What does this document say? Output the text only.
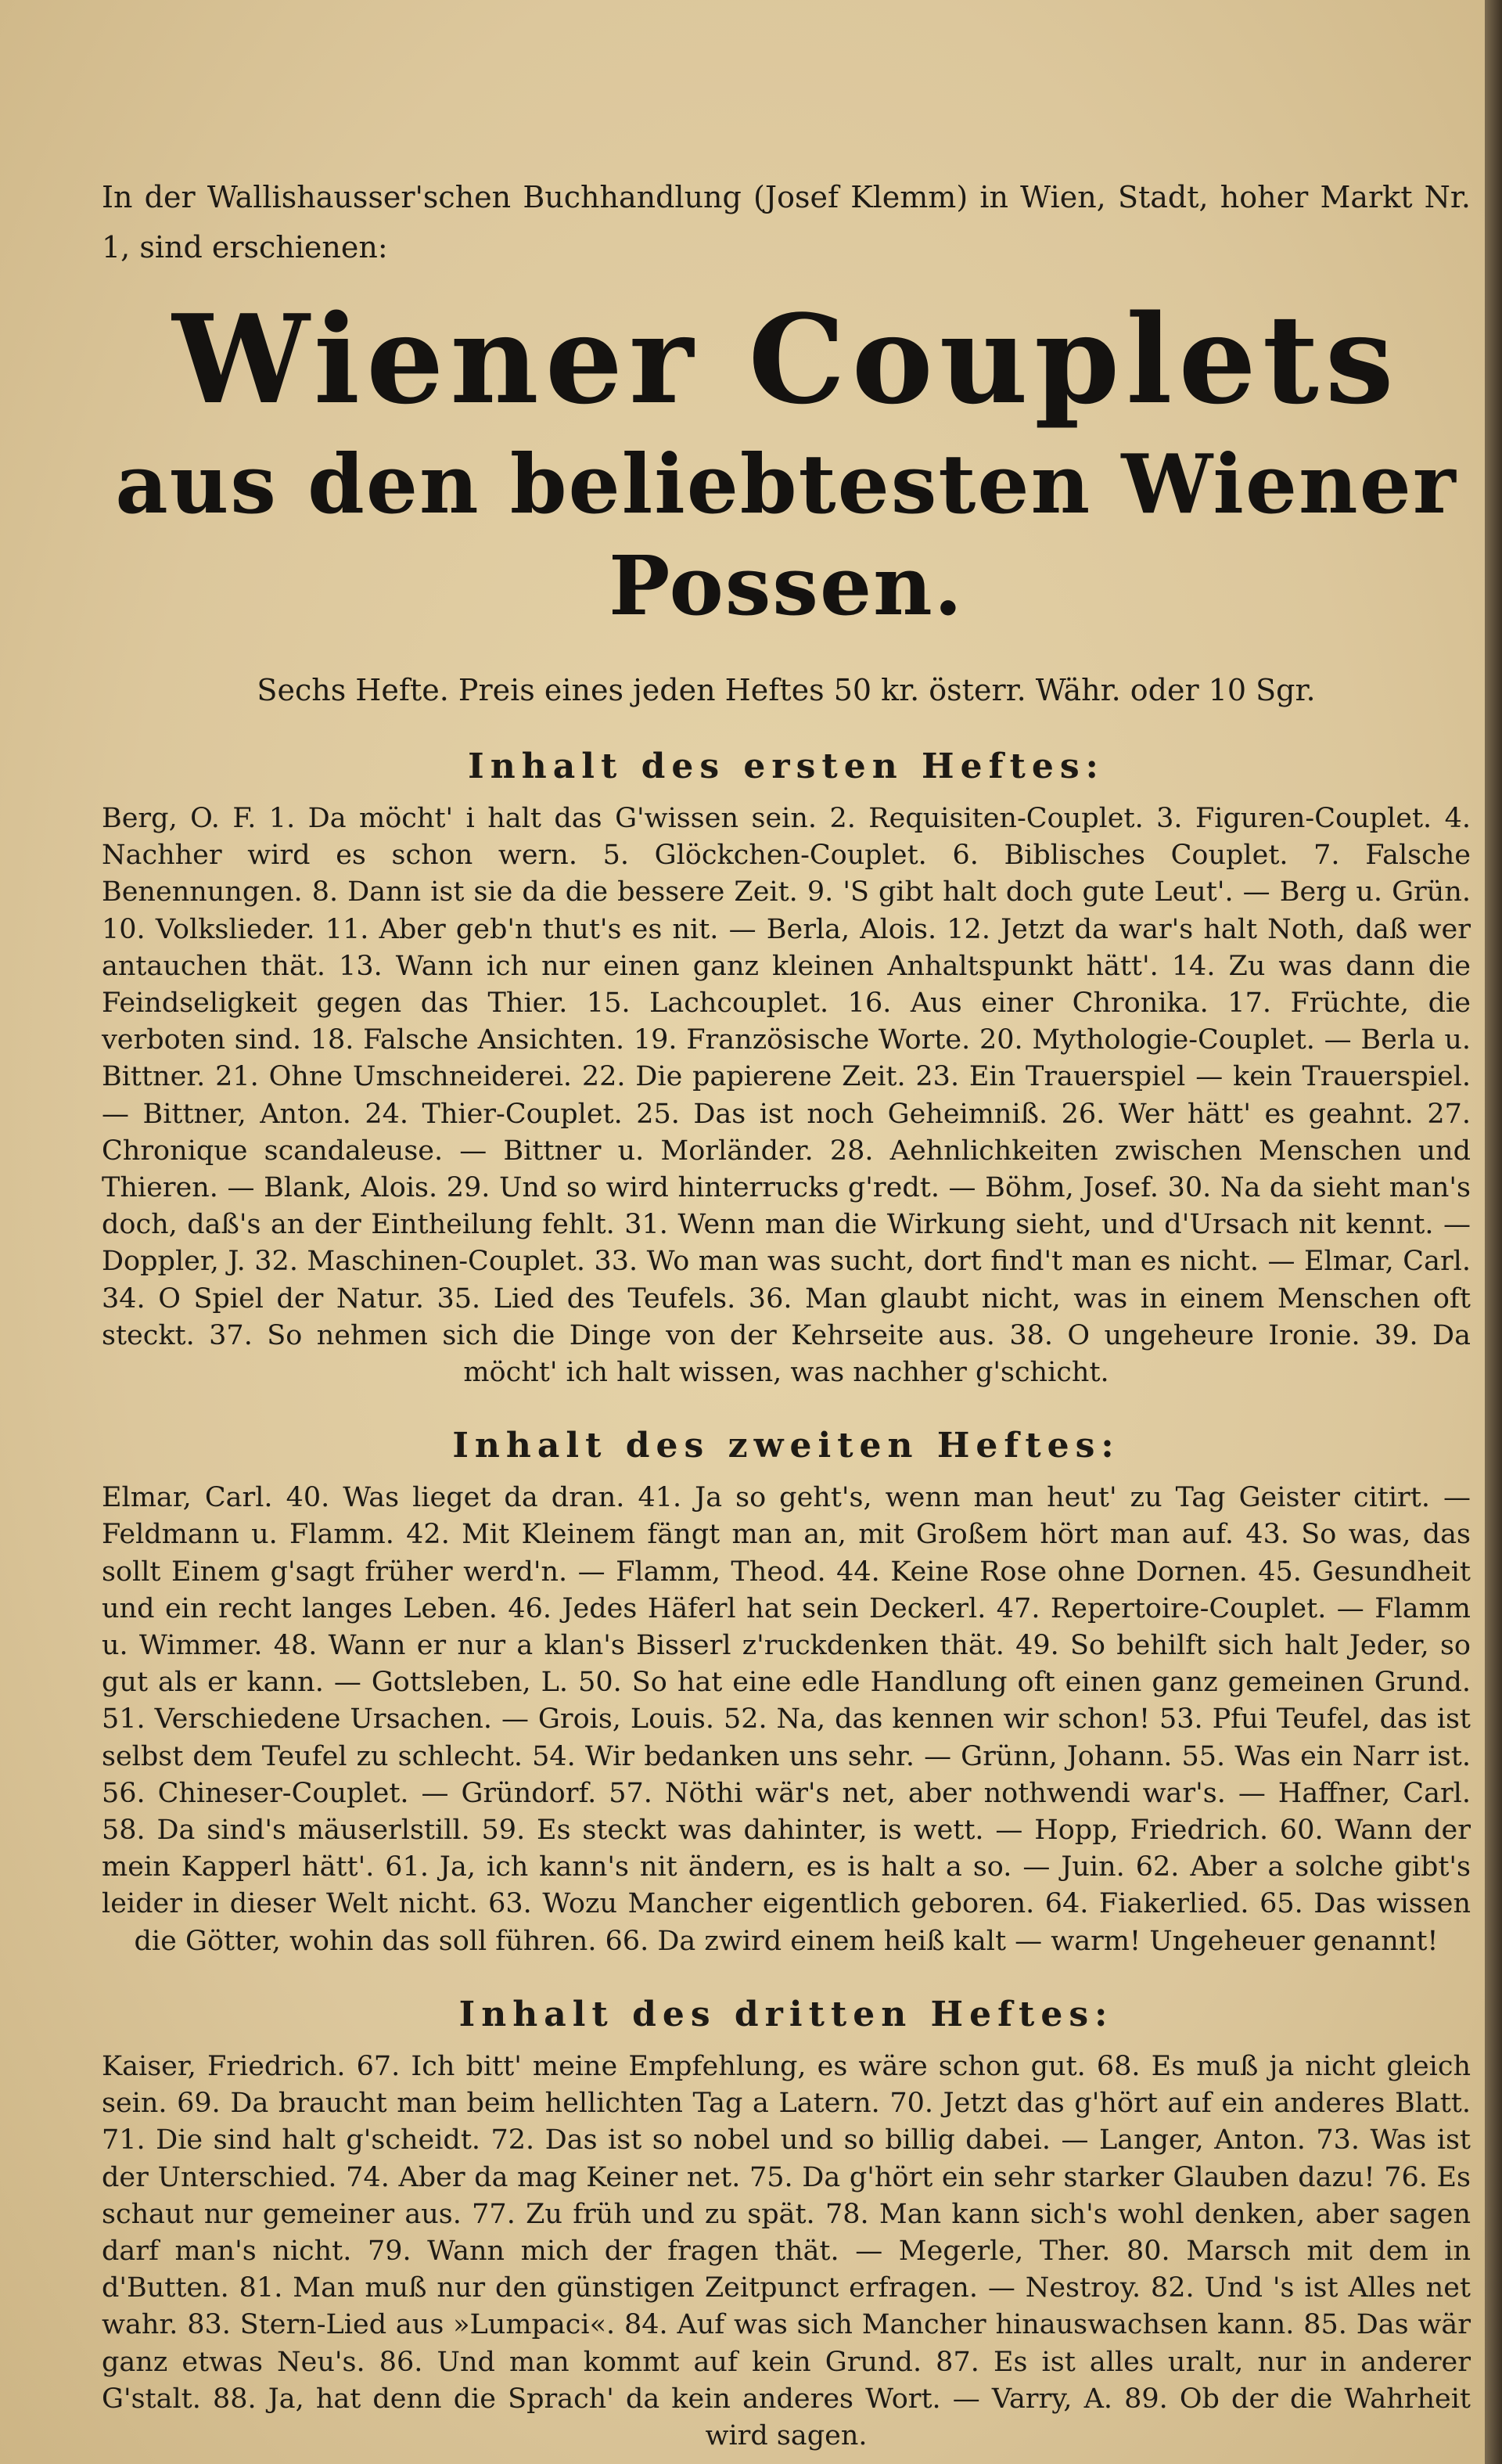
In der Wallishausser'schen Buchhandlung (Josef Klemm) in Wien, Stadt, hoher Markt Nr. 1, sind erschienen:

Wiener Couplets
aus den beliebtesten Wiener Possen.

Sechs Hefte. Preis eines jeden Heftes 50 kr. österr. Währ. oder 10 Sgr.

Inhalt des ersten Heftes:

Berg, O. F. 1. Da möcht' i halt das G'wissen sein. 2. Requisiten-Couplet. 3. Figuren-Couplet. 4. Nachher wird es schon wern. 5. Glöckchen-Couplet. 6. Biblisches Couplet. 7. Falsche Benennungen. 8. Dann ist sie da die bessere Zeit. 9. 'S gibt halt doch gute Leut'. — Berg u. Grün. 10. Volkslieder. 11. Aber geb'n thut's es nit. — Berla, Alois. 12. Jetzt da war's halt Noth, daß wer antauchen thät. 13. Wann ich nur einen ganz kleinen Anhaltspunkt hätt'. 14. Zu was dann die Feindseligkeit gegen das Thier. 15. Lachcouplet. 16. Aus einer Chronika. 17. Früchte, die verboten sind. 18. Falsche Ansichten. 19. Französische Worte. 20. Mythologie-Couplet. — Berla u. Bittner. 21. Ohne Umschneiderei. 22. Die papierene Zeit. 23. Ein Trauerspiel — kein Trauerspiel. — Bittner, Anton. 24. Thier-Couplet. 25. Das ist noch Geheimniß. 26. Wer hätt' es geahnt. 27. Chronique scandaleuse. — Bittner u. Morländer. 28. Aehnlichkeiten zwischen Menschen und Thieren. — Blank, Alois. 29. Und so wird hinterrucks g'redt. — Böhm, Josef. 30. Na da sieht man's doch, daß's an der Eintheilung fehlt. 31. Wenn man die Wirkung sieht, und d'Ursach nit kennt. — Doppler, J. 32. Maschinen-Couplet. 33. Wo man was sucht, dort find't man es nicht. — Elmar, Carl. 34. O Spiel der Natur. 35. Lied des Teufels. 36. Man glaubt nicht, was in einem Menschen oft steckt. 37. So nehmen sich die Dinge von der Kehrseite aus. 38. O ungeheure Ironie. 39. Da möcht' ich halt wissen, was nachher g'schicht.

Inhalt des zweiten Heftes:

Elmar, Carl. 40. Was lieget da dran. 41. Ja so geht's, wenn man heut' zu Tag Geister citirt. — Feldmann u. Flamm. 42. Mit Kleinem fängt man an, mit Großem hört man auf. 43. So was, das sollt Einem g'sagt früher werd'n. — Flamm, Theod. 44. Keine Rose ohne Dornen. 45. Gesundheit und ein recht langes Leben. 46. Jedes Häferl hat sein Deckerl. 47. Repertoire-Couplet. — Flamm u. Wimmer. 48. Wann er nur a klan's Bisserl z'ruckdenken thät. 49. So behilft sich halt Jeder, so gut als er kann. — Gottsleben, L. 50. So hat eine edle Handlung oft einen ganz gemeinen Grund. 51. Verschiedene Ursachen. — Grois, Louis. 52. Na, das kennen wir schon! 53. Pfui Teufel, das ist selbst dem Teufel zu schlecht. 54. Wir bedanken uns sehr. — Grünn, Johann. 55. Was ein Narr ist. 56. Chineser-Couplet. — Gründorf. 57. Nöthi wär's net, aber nothwendi war's. — Haffner, Carl. 58. Da sind's mäuserlstill. 59. Es steckt was dahinter, is wett. — Hopp, Friedrich. 60. Wann der mein Kapperl hätt'. 61. Ja, ich kann's nit ändern, es is halt a so. — Juin. 62. Aber a solche gibt's leider in dieser Welt nicht. 63. Wozu Mancher eigentlich geboren. 64. Fiakerlied. 65. Das wissen die Götter, wohin das soll führen. 66. Da zwird einem heiß kalt — warm! Ungeheuer genannt!

Inhalt des dritten Heftes:

Kaiser, Friedrich. 67. Ich bitt' meine Empfehlung, es wäre schon gut. 68. Es muß ja nicht gleich sein. 69. Da braucht man beim hellichten Tag a Latern. 70. Jetzt das g'hört auf ein anderes Blatt. 71. Die sind halt g'scheidt. 72. Das ist so nobel und so billig dabei. — Langer, Anton. 73. Was ist der Unterschied. 74. Aber da mag Keiner net. 75. Da g'hört ein sehr starker Glauben dazu! 76. Es schaut nur gemeiner aus. 77. Zu früh und zu spät. 78. Man kann sich's wohl denken, aber sagen darf man's nicht. 79. Wann mich der fragen thät. — Megerle, Ther. 80. Marsch mit dem in d'Butten. 81. Man muß nur den günstigen Zeitpunct erfragen. — Nestroy. 82. Und 's ist Alles net wahr. 83. Stern-Lied aus »Lumpaci«. 84. Auf was sich Mancher hinauswachsen kann. 85. Das wär ganz etwas Neu's. 86. Und man kommt auf kein Grund. 87. Es ist alles uralt, nur in anderer G'stalt. 88. Ja, hat denn die Sprach' da kein anderes Wort. — Varry, A. 89. Ob der die Wahrheit wird sagen.
